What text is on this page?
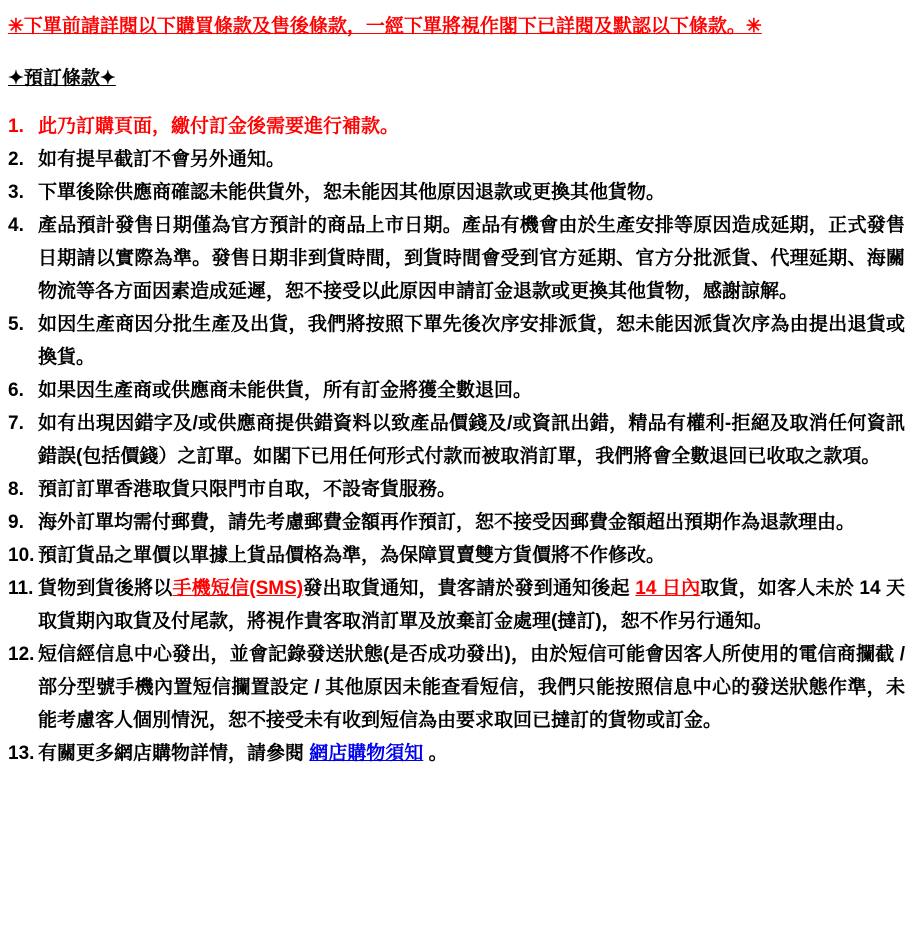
✳下單前請詳閱以下購買條款及售後條款，一經下單將視作閣下已詳閱及默認以下條款。✳
✦預訂條款✦
1. 此乃訂購頁面，繳付訂金後需要進行補款。
2. 如有提早截訂不會另外通知。
3. 下單後除供應商確認未能供貨外，恕未能因其他原因退款或更換其他貨物。
4. 產品預計發售日期僅為官方預計的商品上市日期。產品有機會由於生產安排等原因造成延期，正式發售日期請以實際為準。發售日期非到貨時間，到貨時間會受到官方延期、官方分批派貨、代理延期、海關物流等各方面因素造成延遲，恕不接受以此原因申請訂金退款或更換其他貨物，感謝諒解。
5. 如因生產商因分批生產及出貨，我們將按照下單先後次序安排派貨，恕未能因派貨次序為由提出退貨或換貨。
6. 如果因生產商或供應商未能供貨，所有訂金將獲全數退回。
7. 如有出現因錯字及/或供應商提供錯資料以致產品價錢及/或資訊出錯，精品有權利-拒絕及取消任何資訊錯誤(包括價錢）之訂單。如閣下已用任何形式付款而被取消訂單，我們將會全數退回已收取之款項。
8. 預訂訂單香港取貨只限門市自取，不設寄貨服務。
9. 海外訂單均需付郵費，請先考慮郵費金額再作預訂，恕不接受因郵費金額超出預期作為退款理由。
10. 預訂貨品之單價以單據上貨品價格為準，為保障買賣雙方貨價將不作修改。
11. 貨物到貨後將以手機短信(SMS)發出取貨通知，貴客請於發到通知後起 14 日內取貨，如客人未於 14 天取貨期內取貨及付尾款，將視作貴客取消訂單及放棄訂金處理(撻訂)，恕不作另行通知。
12. 短信經信息中心發出，並會記錄發送狀態(是否成功發出)，由於短信可能會因客人所使用的電信商攔截 / 部分型號手機內置短信攔置設定 / 其他原因未能查看短信，我們只能按照信息中心的發送狀態作準，未能考慮客人個別情況，恕不接受未有收到短信為由要求取回已撻訂的貨物或訂金。
13. 有關更多網店購物詳情，請參閱 網店購物須知 。
